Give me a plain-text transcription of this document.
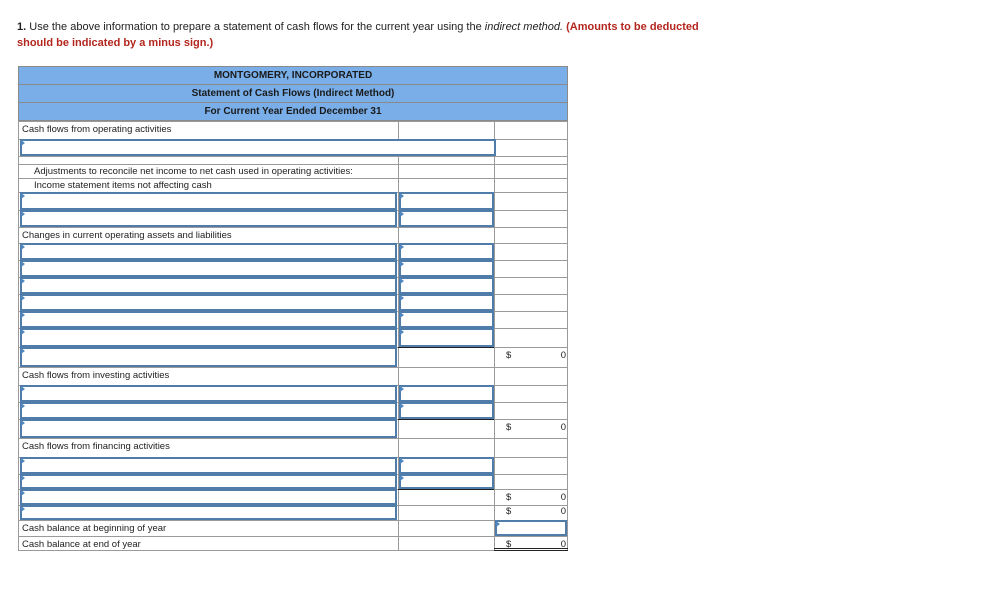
1. Use the above information to prepare a statement of cash flows for the current year using the indirect method. (Amounts to be deducted should be indicated by a minus sign.)
MONTGOMERY, INCORPORATED
Statement of Cash Flows (Indirect Method)
For Current Year Ended December 31
Cash flows from operating activities
Adjustments to reconcile net income to net cash used in operating activities:
Income statement items not affecting cash
Changes in current operating assets and liabilities
$	0
Cash flows from investing activities
$	0
Cash flows from financing activities
$	0
$	0
Cash balance at beginning of year
Cash balance at end of year	$	0
